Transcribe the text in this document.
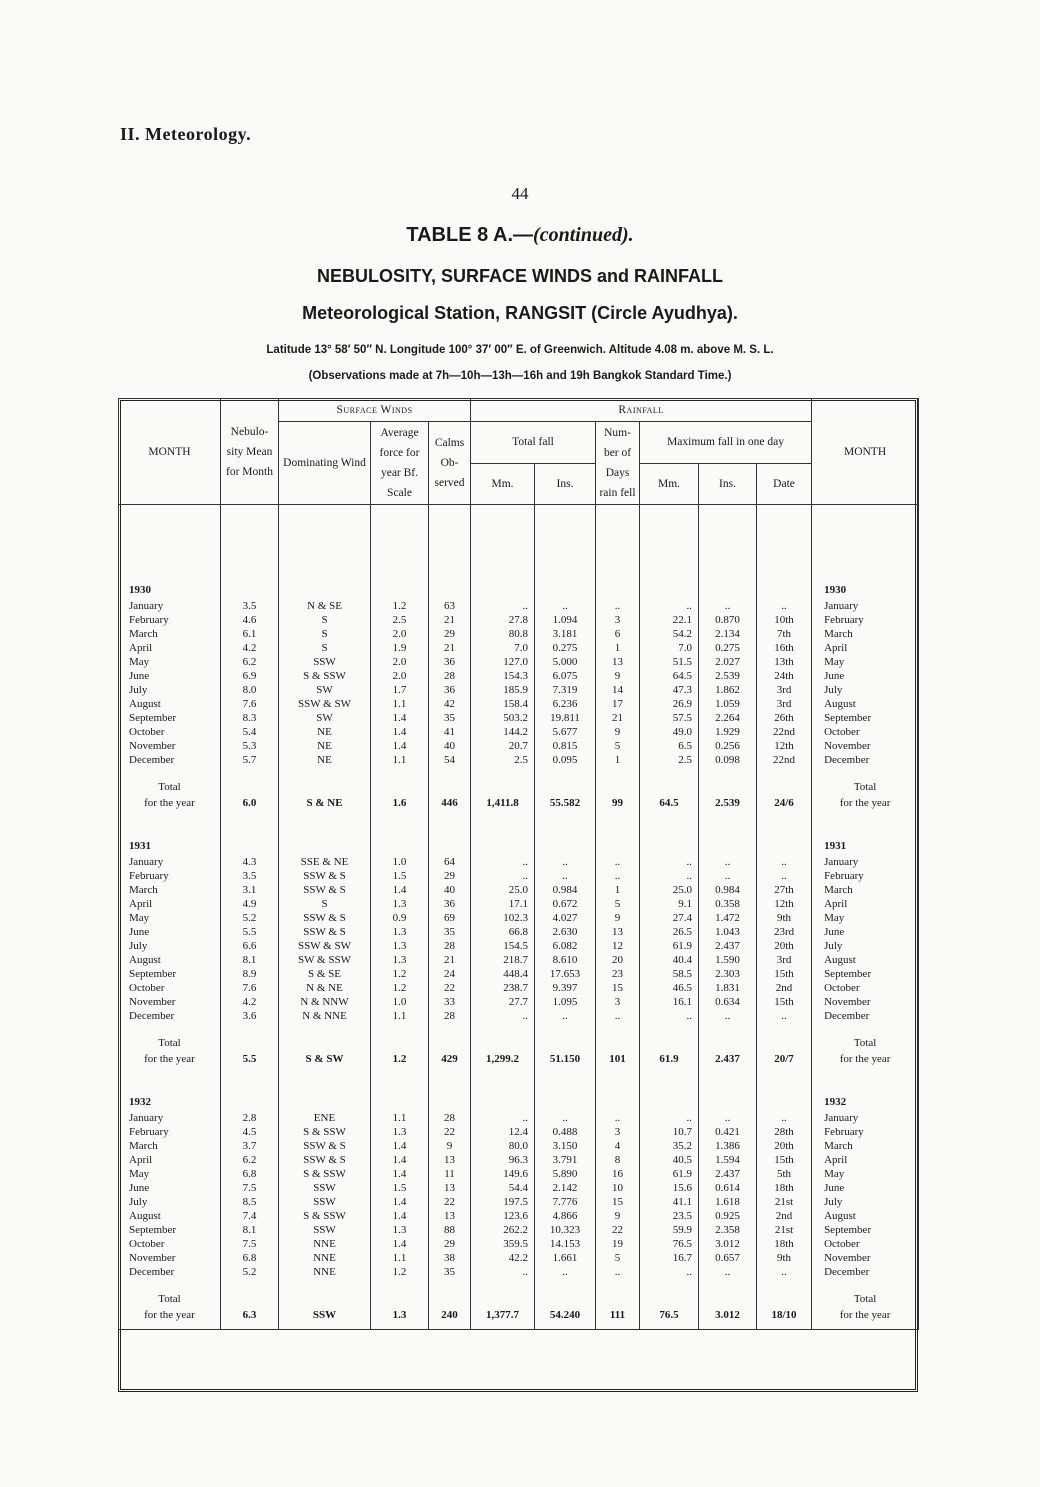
II. Meteorology.
44
TABLE 8 A.—(continued).
NEBULOSITY, SURFACE WINDS and RAINFALL
Meteorological Station, RANGSIT (Circle Ayudhya).
Latitude 13° 58′ 50″ N. Longitude 100° 37′ 00″ E. of Greenwich. Altitude 4.08 m. above M. S. L.
(Observations made at 7h—10h—13h—16h and 19h Bangkok Standard Time.)
MONTH	Nebulo- sity Mean for Month	Surface Winds			Rainfall						MONTH
		Dominating Wind	Average force for year Bf. Scale	Calms Ob- served	Total fall		Num- ber of Days rain fell	Maximum fall in one day			
					Mm.	Ins.		Mm.	Ins.	Date	

1930											1930
January	3.5	N & SE	1.2	63	..	..	..	..	..	..	January
February	4.6	S	2.5	21	27.8	1.094	3	22.1	0.870	10th	February
March	6.1	S	2.0	29	80.8	3.181	6	54.2	2.134	7th	March
April	4.2	S	1.9	21	7.0	0.275	1	7.0	0.275	16th	April
May	6.2	SSW	2.0	36	127.0	5.000	13	51.5	2.027	13th	May
June	6.9	S & SSW	2.0	28	154.3	6.075	9	64.5	2.539	24th	June
July	8.0	SW	1.7	36	185.9	7.319	14	47.3	1.862	3rd	July
August	7.6	SSW & SW	1.1	42	158.4	6.236	17	26.9	1.059	3rd	August
September	8.3	SW	1.4	35	503.2	19.811	21	57.5	2.264	26th	September
October	5.4	NE	1.4	41	144.2	5.677	9	49.0	1.929	22nd	October
November	5.3	NE	1.4	40	20.7	0.815	5	6.5	0.256	12th	November
December	5.7	NE	1.1	54	2.5	0.095	1	2.5	0.098	22nd	December

Total											Total
for the year	6.0	S & NE	1.6	446	1,411.8	55.582	99	64.5	2.539	24/6	for the year

1931											1931
January	4.3	SSE & NE	1.0	64	..	..	..	..	..	..	January
February	3.5	SSW & S	1.5	29	..	..	..	..	..	..	February
March	3.1	SSW & S	1.4	40	25.0	0.984	1	25.0	0.984	27th	March
April	4.9	S	1.3	36	17.1	0.672	5	9.1	0.358	12th	April
May	5.2	SSW & S	0.9	69	102.3	4.027	9	27.4	1.472	9th	May
June	5.5	SSW & S	1.3	35	66.8	2.630	13	26.5	1.043	23rd	June
July	6.6	SSW & SW	1.3	28	154.5	6.082	12	61.9	2.437	20th	July
August	8.1	SW & SSW	1.3	21	218.7	8.610	20	40.4	1.590	3rd	August
September	8.9	S & SE	1.2	24	448.4	17.653	23	58.5	2.303	15th	September
October	7.6	N & NE	1.2	22	238.7	9.397	15	46.5	1.831	2nd	October
November	4.2	N & NNW	1.0	33	27.7	1.095	3	16.1	0.634	15th	November
December	3.6	N & NNE	1.1	28	..	..	..	..	..	..	December

Total											Total
for the year	5.5	S & SW	1.2	429	1,299.2	51.150	101	61.9	2.437	20/7	for the year

1932											1932
January	2.8	ENE	1.1	28	..	..	..	..	..	..	January
February	4.5	S & SSW	1.3	22	12.4	0.488	3	10.7	0.421	28th	February
March	3.7	SSW & S	1.4	9	80.0	3.150	4	35.2	1.386	20th	March
April	6.2	SSW & S	1.4	13	96.3	3.791	8	40.5	1.594	15th	April
May	6.8	S & SSW	1.4	11	149.6	5.890	16	61.9	2.437	5th	May
June	7.5	SSW	1.5	13	54.4	2.142	10	15.6	0.614	18th	June
July	8.5	SSW	1.4	22	197.5	7.776	15	41.1	1.618	21st	July
August	7.4	S & SSW	1.4	13	123.6	4.866	9	23.5	0.925	2nd	August
September	8.1	SSW	1.3	88	262.2	10.323	22	59.9	2.358	21st	September
October	7.5	NNE	1.4	29	359.5	14.153	19	76.5	3.012	18th	October
November	6.8	NNE	1.1	38	42.2	1.661	5	16.7	0.657	9th	November
December	5.2	NNE	1.2	35	..	..	..	..	..	..	December

Total											Total
for the year	6.3	SSW	1.3	240	1,377.7	54.240	111	76.5	3.012	18/10	for the year
